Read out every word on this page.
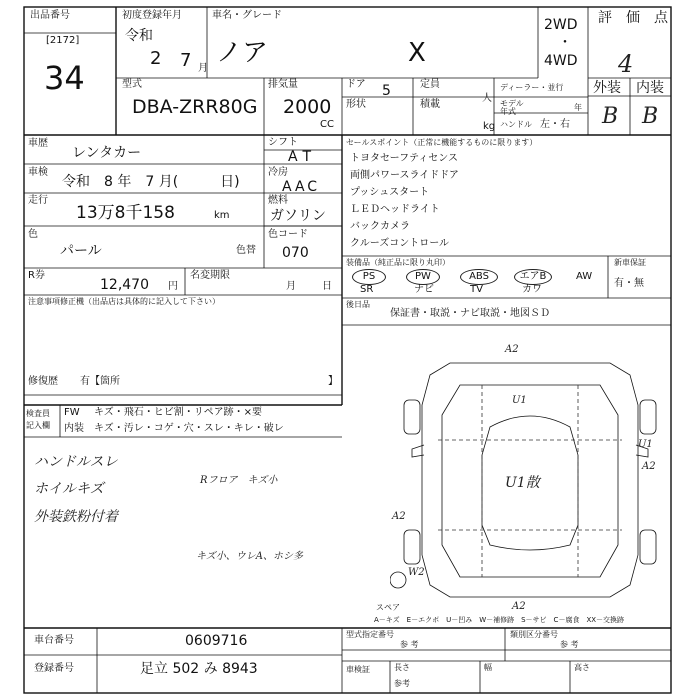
出品番号
[2172]
34
初度登録年月
令和
2 7 月
車名・グレード
ノア	X
2WD
・
4WD
評　価　点
4
外装 内装
B B
型式
DBA-ZRR80G
排気量
2000
CC
ドア 5	定員
人
形状	積載
kg
ディーラー・並行
モデル年式	年
ハンドル 左・右
車歴
レンタカー
シフト
AT
車検
令和　8 年　7 月(　　　日)
冷房
AAC
走行
13万8千158	km
燃料
ガソリン
色
パール	色替
色コード
070
R券
12,470 円
名変期限
月	日
注意事項修正機（出品店は具体的に記入して下さい）
修復歴 有【箇所	】
セールスポイント（正常に機能するものに限ります）
トヨタセーフティセンス
両側パワースライドドア
プッシュスタート
ＬＥＤヘッドライト
バックカメラ
クルーズコントロール
装備品（純正品に限り丸印）
PS	PW	ABS	エアB	AW
SR	ナビ	TV	カワ
新車保証
有・無
後日品
保証書・取説・ナビ取説・地図ＳＤ
検査員
記入欄
FW キズ・飛石・ヒビ割・リペア跡・×要
内装 キズ・汚レ・コゲ・穴・スレ・キレ・破レ
ハンドルスレ
ホイルキズ
外装鉄粉付着
Rフロア　キズ小
キズ小、ウレA、ホシ多
A2
U1
U1
A2
U1散
A2
W2
A2
スペア
A－キズ　E－エクボ　U－凹み　W－補修跡　S－サビ　C－腐食　XX－交換跡
車台番号	0609716
登録番号	足立 502 み 8943
型式指定番号
参 考
類別区分番号
参 考
車検証	長さ	幅	高さ
参考
